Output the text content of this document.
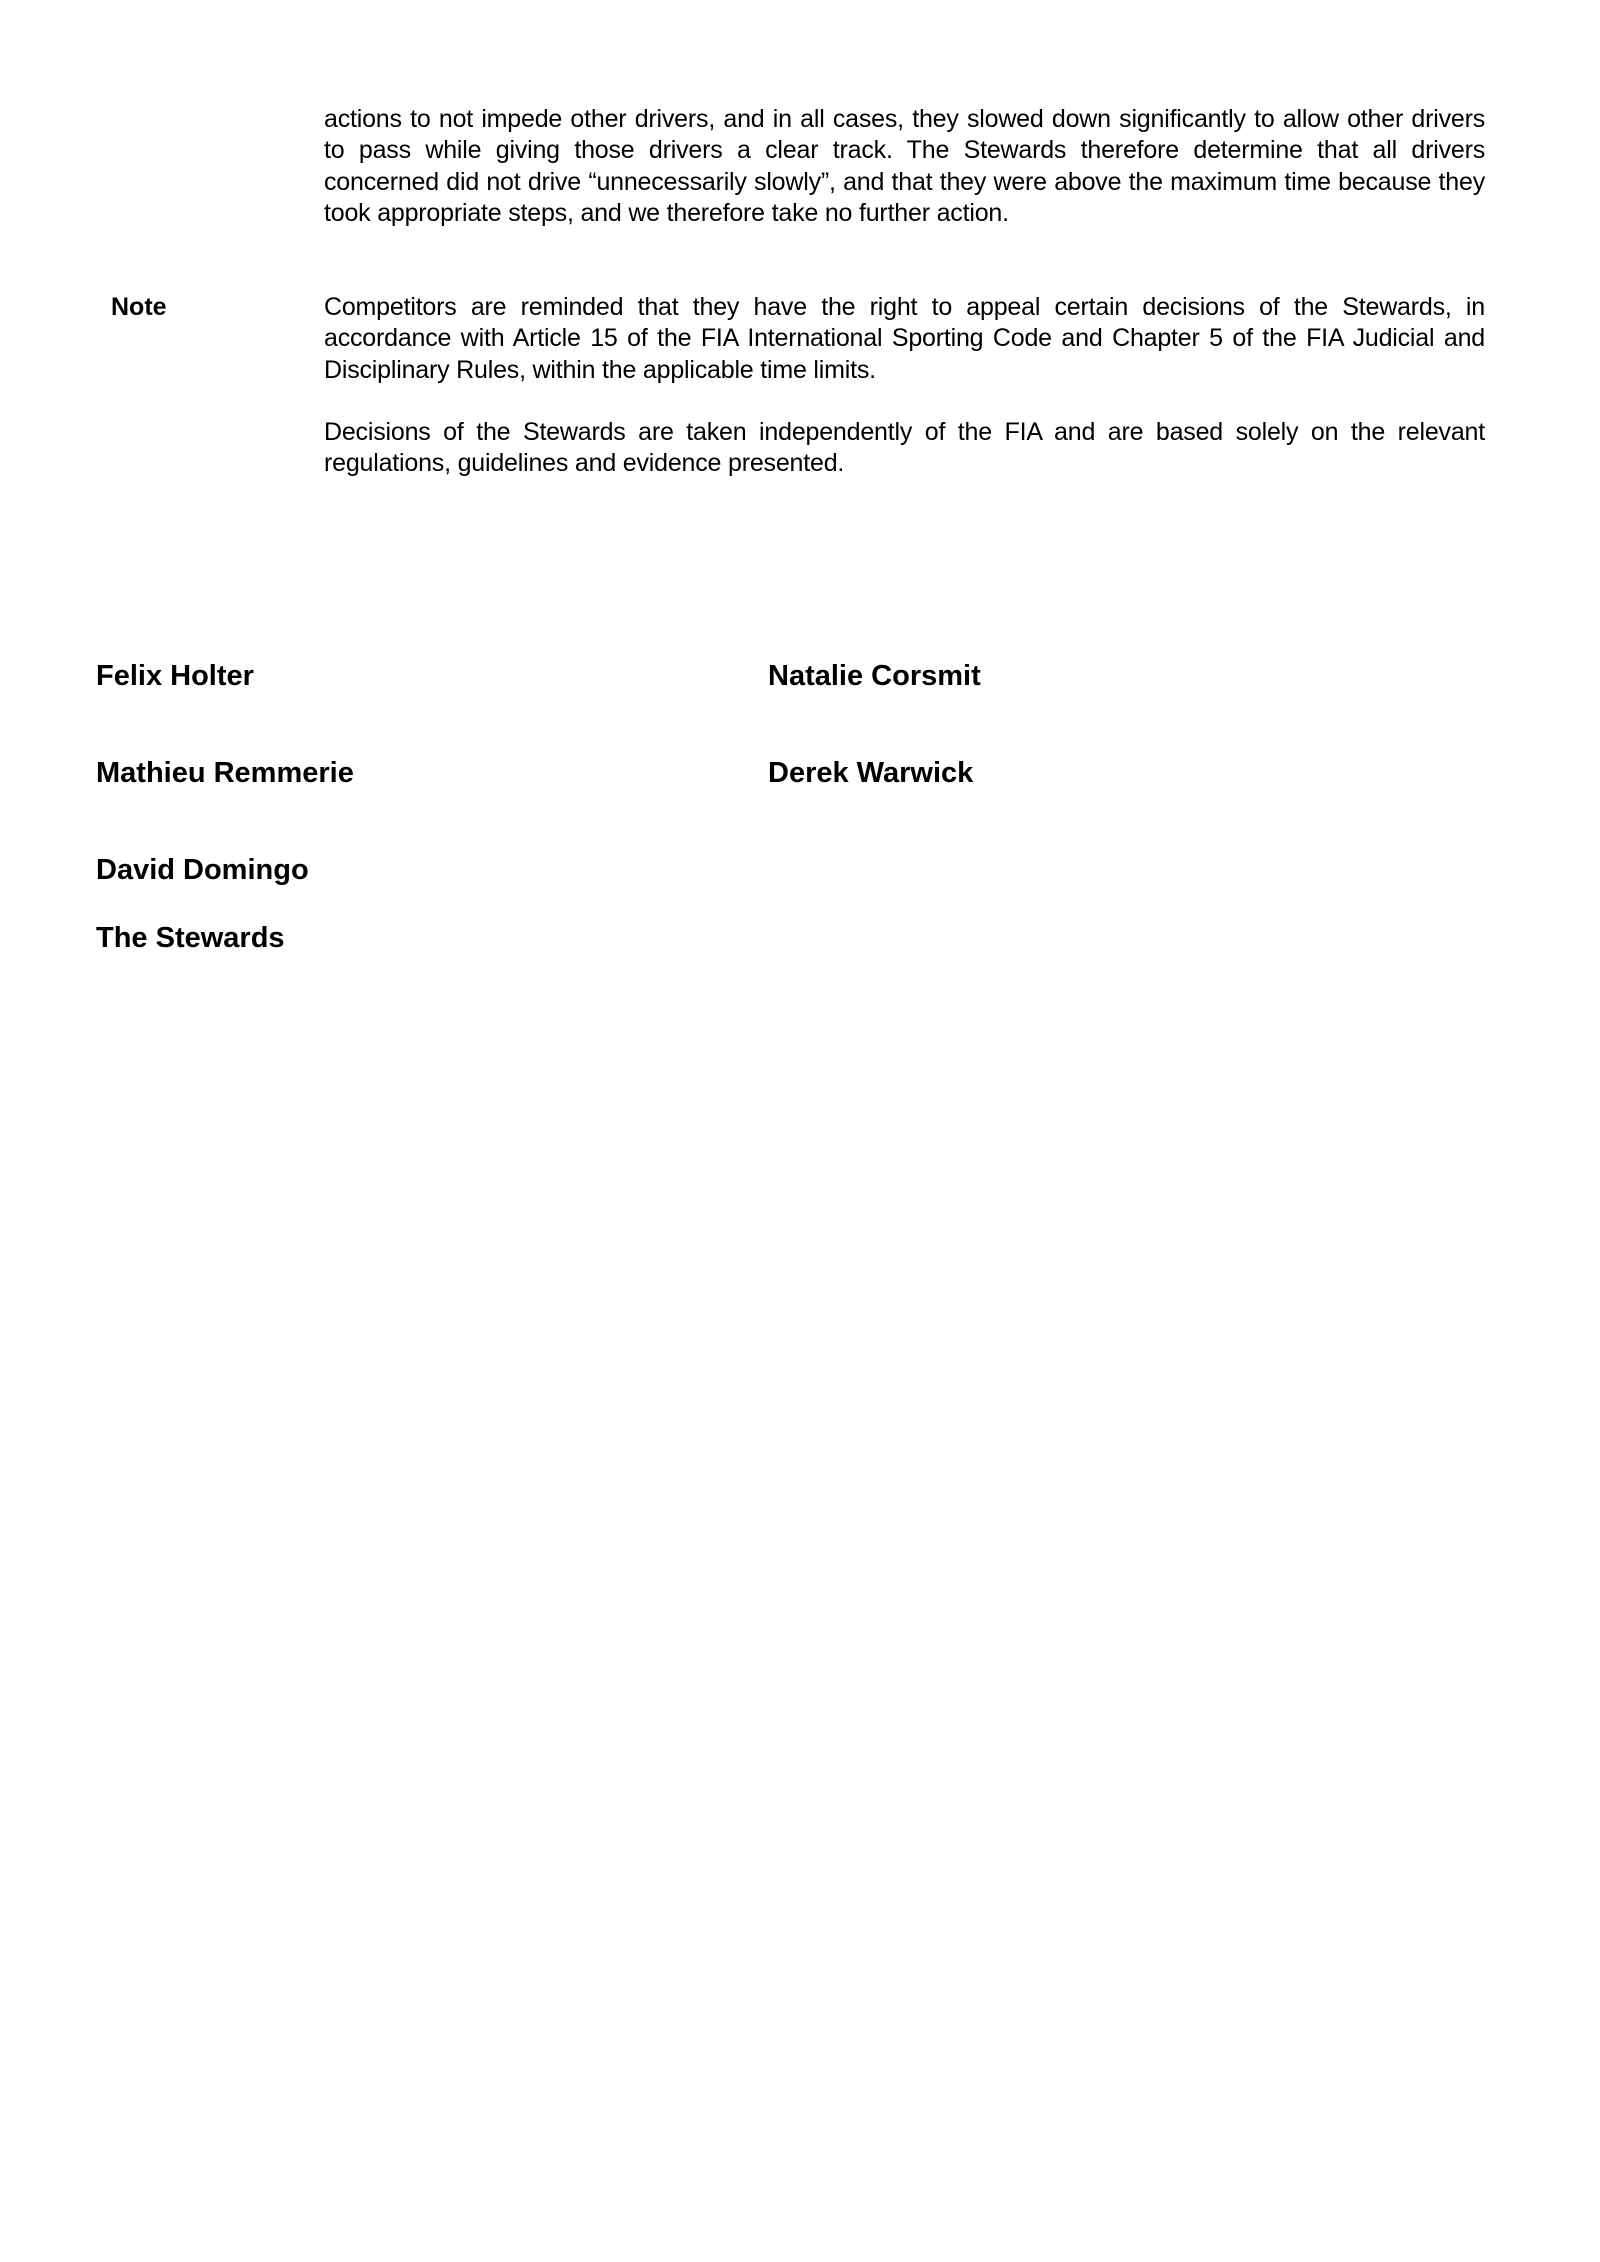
actions to not impede other drivers, and in all cases, they slowed down significantly to allow other drivers to pass while giving those drivers a clear track. The Stewards therefore determine that all drivers concerned did not drive “unnecessarily slowly”, and that they were above the maximum time because they took appropriate steps, and we therefore take no further action.

Note	Competitors are reminded that they have the right to appeal certain decisions of the Stewards, in accordance with Article 15 of the FIA International Sporting Code and Chapter 5 of the FIA Judicial and Disciplinary Rules, within the applicable time limits.

Decisions of the Stewards are taken independently of the FIA and are based solely on the relevant regulations, guidelines and evidence presented.

Felix Holter	Natalie Corsmit

Mathieu Remmerie	Derek Warwick

David Domingo

The Stewards
